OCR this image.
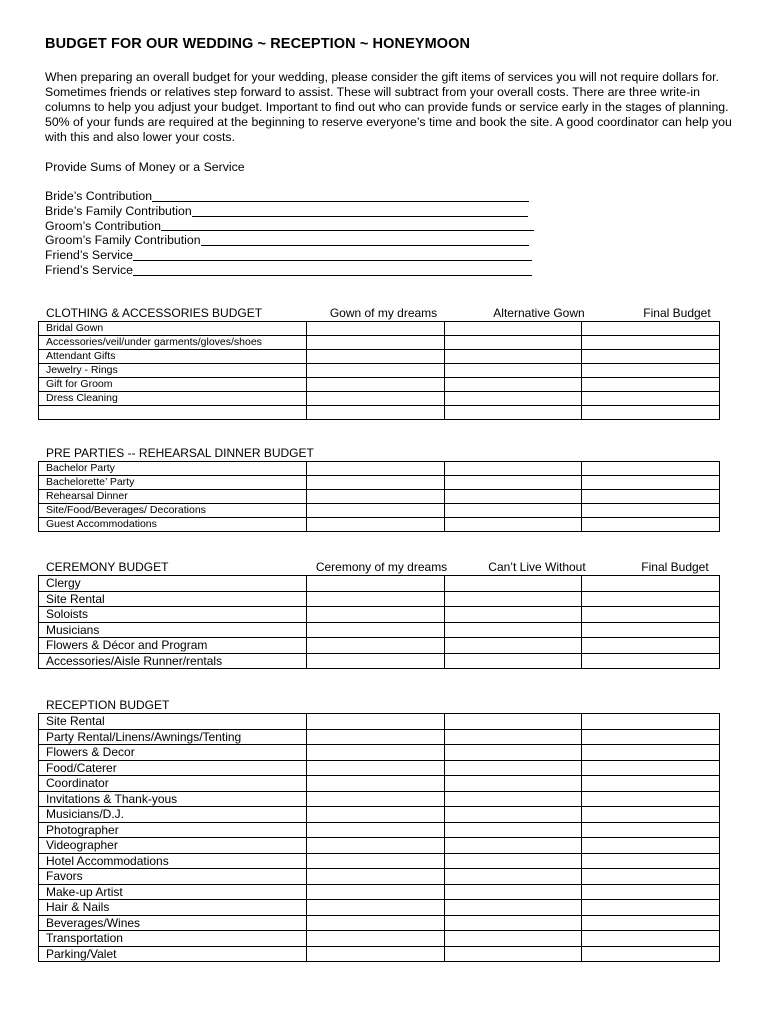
BUDGET FOR OUR WEDDING ~ RECEPTION ~ HONEYMOON
When preparing an overall budget for your wedding, please consider the gift items of services you will not require dollars for. Sometimes friends or relatives step forward to assist. These will subtract from your overall costs. There are three write-in columns to help you adjust your budget. Important to find out who can provide funds or service early in the stages of planning. 50% of your funds are required at the beginning to reserve everyone’s time and book the site. A good coordinator can help you with this and also lower your costs.
Provide Sums of Money or a Service
Bride’s Contribution
Bride’s Family Contribution
Groom’s Contribution
Groom’s Family Contribution
Friend’s Service
Friend’s Service
CLOTHING & ACCESSORIES BUDGET	Gown of my dreams	Alternative Gown	Final Budget
Bridal Gown			
Accessories/veil/under garments/gloves/shoes			
Attendant Gifts			
Jewelry - Rings			
Gift for Groom			
Dress Cleaning			

PRE PARTIES -- REHEARSAL DINNER BUDGET
Bachelor Party			
Bachelorette’ Party			
Rehearsal Dinner			
Site/Food/Beverages/ Decorations			
Guest Accommodations			
CEREMONY BUDGET	Ceremony of my dreams	Can’t Live Without	Final Budget
Clergy			
Site Rental			
Soloists			
Musicians			
Flowers & Décor and Program			
Accessories/Aisle Runner/rentals			
RECEPTION BUDGET
Site Rental			
Party Rental/Linens/Awnings/Tenting			
Flowers & Decor			
Food/Caterer			
Coordinator			
Invitations & Thank-yous			
Musicians/D.J.			
Photographer			
Videographer			
Hotel Accommodations			
Favors			
Make-up Artist			
Hair & Nails			
Beverages/Wines			
Transportation			
Parking/Valet			
